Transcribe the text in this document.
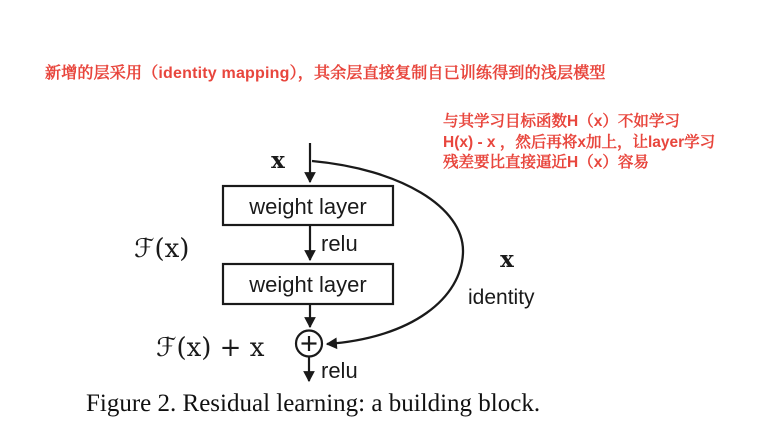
新增的层采用（identity mapping），其余层直接复制自已训练得到的浅层模型
与其学习目标函数H（x）不如学习
H(x) - x ，然后再将x加上，让layer学习
残差要比直接逼近H（x）容易
x
weight layer
relu
weight layer
relu
ℱ(x)
ℱ(x) + x
x
identity
Figure 2. Residual learning: a building block.
